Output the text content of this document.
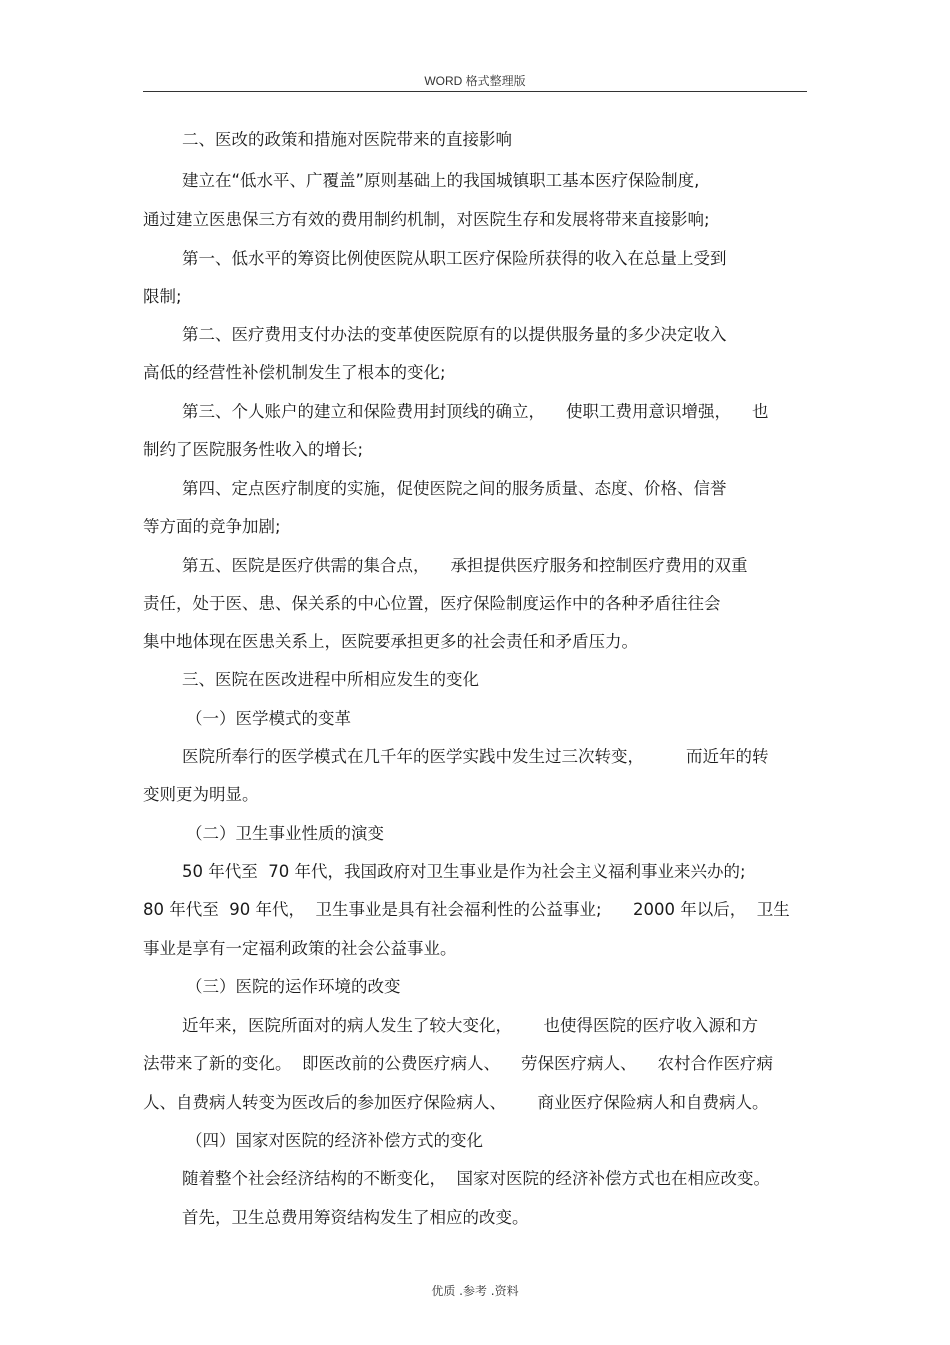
WORD 格式整理版
二、医改的政策和措施对医院带来的直接影响
建立在“低水平、广覆盖”原则基础上的我国城镇职工基本医疗保险制度,
通过建立医患保三方有效的费用制约机制，对医院生存和发展将带来直接影响;
第一、低水平的筹资比例使医院从职工医疗保险所获得的收入在总量上受到
限制;
第二、医疗费用支付办法的变革使医院原有的以提供服务量的多少决定收入
高低的经营性补偿机制发生了根本的变化;
第三、个人账户的建立和保险费用封顶线的确立，    使职工费用意识增强，    也
制约了医院服务性收入的增长;
第四、定点医疗制度的实施，促使医院之间的服务质量、态度、价格、信誉
等方面的竞争加剧;
第五、医院是医疗供需的集合点，    承担提供医疗服务和控制医疗费用的双重
责任，处于医、患、保关系的中心位置，医疗保险制度运作中的各种矛盾往往会
集中地体现在医患关系上，医院要承担更多的社会责任和矛盾压力。
三、医院在医改进程中所相应发生的变化
（一）医学模式的变革
医院所奉行的医学模式在几千年的医学实践中发生过三次转变，        而近年的转
变则更为明显。
（二）卫生事业性质的演变
50 年代至  70 年代，我国政府对卫生事业是作为社会主义福利事业来兴办的;
80 年代至  90 年代，  卫生事业是具有社会福利性的公益事业;      2000 年以后，  卫生
事业是享有一定福利政策的社会公益事业。
（三）医院的运作环境的改变
近年来，医院所面对的病人发生了较大变化，      也使得医院的医疗收入源和方
法带来了新的变化。  即医改前的公费医疗病人、    劳保医疗病人、    农村合作医疗病
人、自费病人转变为医改后的参加医疗保险病人、      商业医疗保险病人和自费病人。
（四）国家对医院的经济补偿方式的变化
随着整个社会经济结构的不断变化，  国家对医院的经济补偿方式也在相应改变。
首先，卫生总费用筹资结构发生了相应的改变。
优质 .参考 .资料
